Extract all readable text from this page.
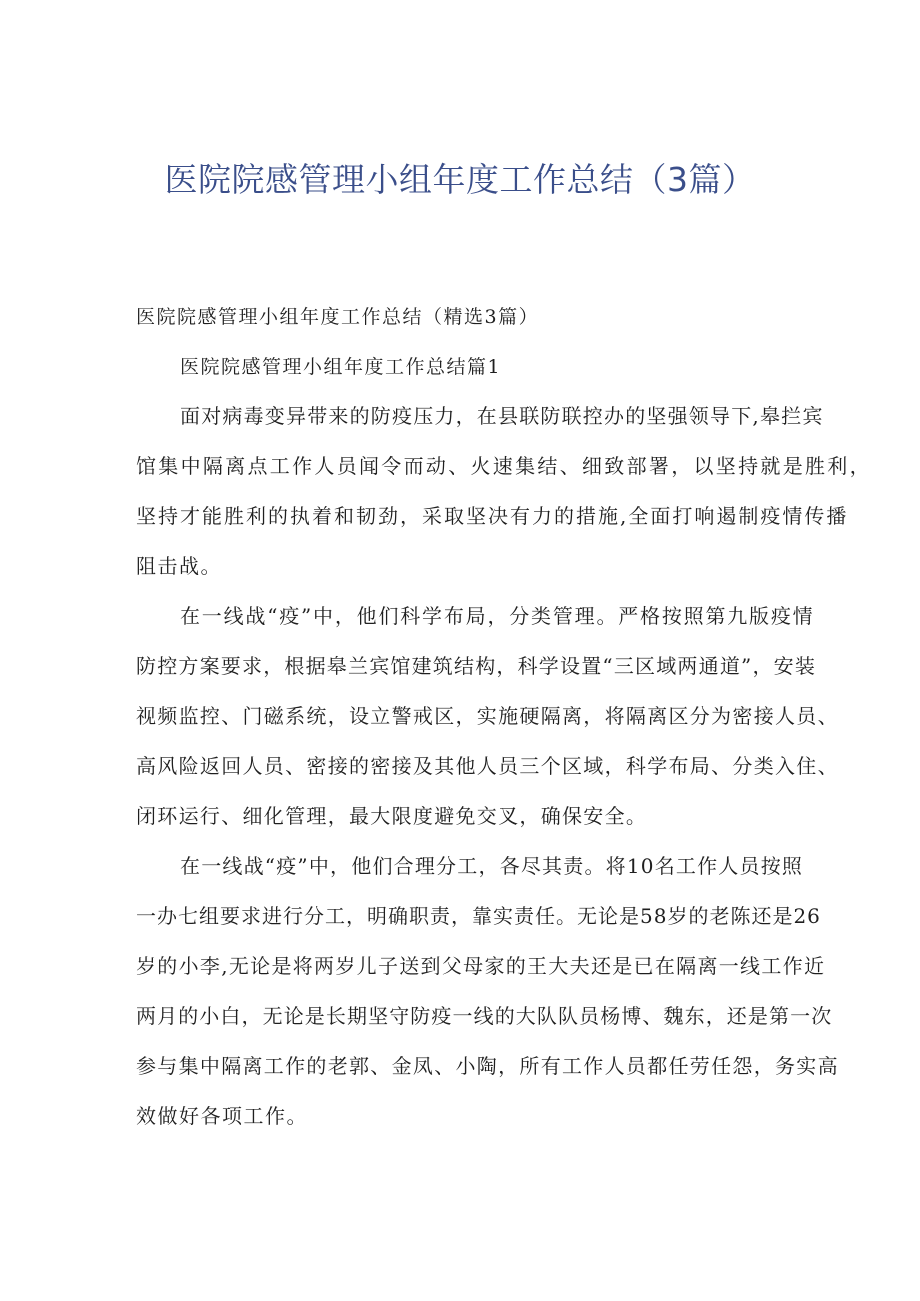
医院院感管理小组年度工作总结（3篇）
医院院感管理小组年度工作总结（精选3篇）
医院院感管理小组年度工作总结篇1
面对病毒变异带来的防疫压力，在县联防联控办的坚强领导下,皋拦宾
馆集中隔离点工作人员闻令而动、火速集结、细致部署，以坚持就是胜利，
坚持才能胜利的执着和韧劲，采取坚决有力的措施,全面打响遏制疫情传播
阻击战。
在一线战“疫”中，他们科学布局，分类管理。严格按照第九版疫情
防控方案要求，根据皋兰宾馆建筑结构，科学设置“三区域两通道”，安装
视频监控、门磁系统，设立警戒区，实施硬隔离，将隔离区分为密接人员、
高风险返回人员、密接的密接及其他人员三个区域，科学布局、分类入住、
闭环运行、细化管理，最大限度避免交叉，确保安全。
在一线战“疫”中，他们合理分工，各尽其责。将10名工作人员按照
一办七组要求进行分工，明确职责，靠实责任。无论是58岁的老陈还是26
岁的小李,无论是将两岁儿子送到父母家的王大夫还是已在隔离一线工作近
两月的小白，无论是长期坚守防疫一线的大队队员杨博、魏东，还是第一次
参与集中隔离工作的老郭、金凤、小陶，所有工作人员都任劳任怨，务实高
效做好各项工作。
